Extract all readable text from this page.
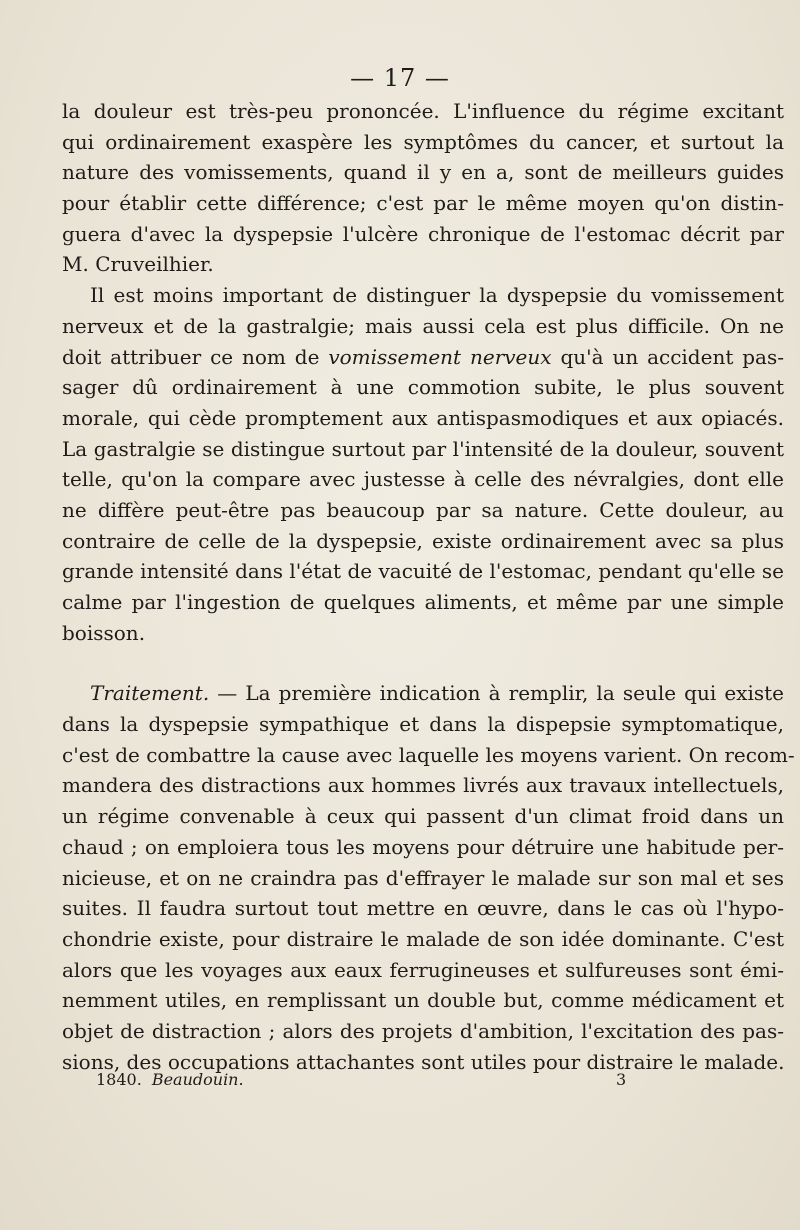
— 17 —
la douleur est très-peu prononcée. L'influence du régime excitant
qui ordinairement exaspère les symptômes du cancer, et surtout la
nature des vomissements, quand il y en a, sont de meilleurs guides
pour établir cette différence; c'est par le même moyen qu'on distin-
guera d'avec la dyspepsie l'ulcère chronique de l'estomac décrit par
M. Cruveilhier.
Il est moins important de distinguer la dyspepsie du vomissement
nerveux et de la gastralgie; mais aussi cela est plus difficile. On ne
doit attribuer ce nom de vomissement nerveux qu'à un accident pas-
sager dû ordinairement à une commotion subite, le plus souvent
morale, qui cède promptement aux antispasmodiques et aux opiacés.
La gastralgie se distingue surtout par l'intensité de la douleur, souvent
telle, qu'on la compare avec justesse à celle des névralgies, dont elle
ne diffère peut-être pas beaucoup par sa nature. Cette douleur, au
contraire de celle de la dyspepsie, existe ordinairement avec sa plus
grande intensité dans l'état de vacuité de l'estomac, pendant qu'elle se
calme par l'ingestion de quelques aliments, et même par une simple
boisson.
Traitement. — La première indication à remplir, la seule qui existe
dans la dyspepsie sympathique et dans la dispepsie symptomatique,
c'est de combattre la cause avec laquelle les moyens varient. On recom-
mandera des distractions aux hommes livrés aux travaux intellectuels,
un régime convenable à ceux qui passent d'un climat froid dans un
chaud ; on emploiera tous les moyens pour détruire une habitude per-
nicieuse, et on ne craindra pas d'effrayer le malade sur son mal et ses
suites. Il faudra surtout tout mettre en œuvre, dans le cas où l'hypo-
chondrie existe, pour distraire le malade de son idée dominante. C'est
alors que les voyages aux eaux ferrugineuses et sulfureuses sont émi-
nemment utiles, en remplissant un double but, comme médicament et
objet de distraction ; alors des projets d'ambition, l'excitation des pas-
sions, des occupations attachantes sont utiles pour distraire le malade.
1840. Beaudouin.	3
